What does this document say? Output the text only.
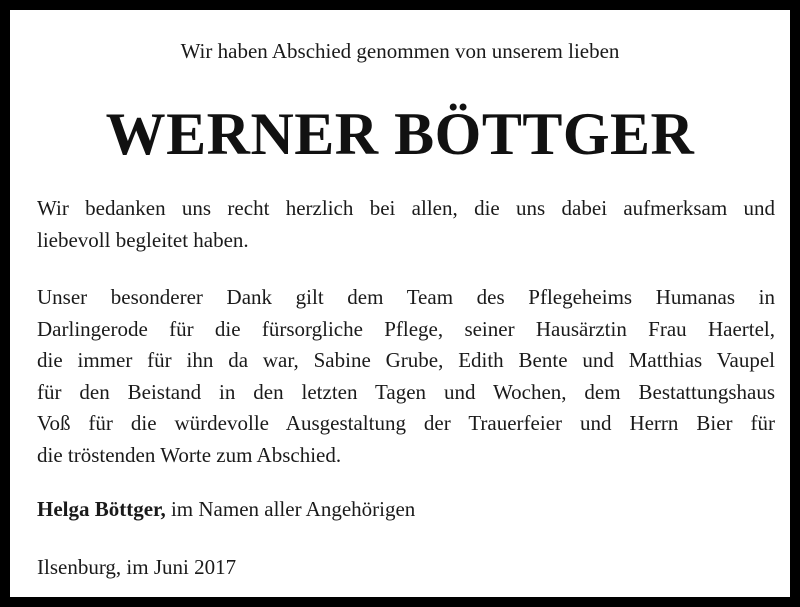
Wir haben Abschied genommen von unserem lieben
WERNER BÖTTGER
Wir bedanken uns recht herzlich bei allen, die uns dabei aufmerksam und
liebevoll begleitet haben.
Unser besonderer Dank gilt dem Team des Pflegeheims Humanas in
Darlingerode für die fürsorgliche Pflege, seiner Hausärztin Frau Haertel,
die immer für ihn da war, Sabine Grube, Edith Bente und Matthias Vaupel
für den Beistand in den letzten Tagen und Wochen, dem Bestattungshaus
Voß für die würdevolle Ausgestaltung der Trauerfeier und Herrn Bier für
die tröstenden Worte zum Abschied.
Helga Böttger, im Namen aller Angehörigen
Ilsenburg, im Juni 2017
